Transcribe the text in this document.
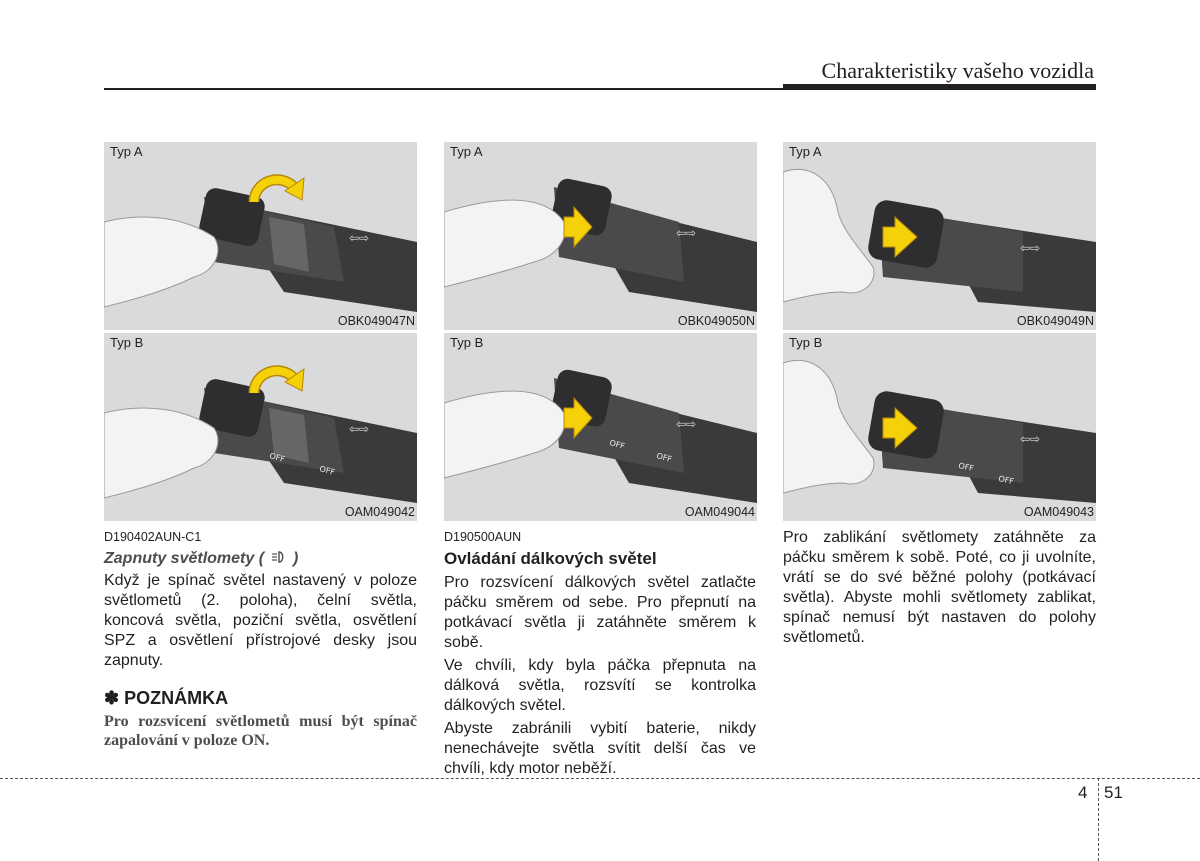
Charakteristiky vašeho vozidla
Typ A
⇦⇨
OBK049047N
Typ B
OFF
OFF
⇦⇨
OAM049042
Typ A
⇦⇨
OBK049050N
Typ B
OFF
OFF
⇦⇨
OAM049044
Typ A
⇦⇨
OBK049049N
Typ B
OFF
OFF
⇦⇨
OAM049043
D190402AUN-C1
Zapnuty světlomety ( )
Když je spínač světel nastavený v poloze světlometů (2. poloha), čelní světla, koncová světla, poziční světla, osvětlení SPZ a osvětlení přístrojové desky jsou zapnuty.
✽ POZNÁMKA
Pro rozsvícení světlometů musí být spínač zapalování v poloze ON.
D190500AUN
Ovládání dálkových světel

Pro rozsvícení dálkových světel zatlačte páčku směrem od sebe. Pro přepnutí na potkávací světla ji zatáhněte směrem k sobě.

Ve chvíli, kdy byla páčka přepnuta na dálková světla, rozsvítí se kontrolka dálkových světel.

Abyste zabránili vybití baterie, nikdy nenechávejte světla svítit delší čas ve chvíli, kdy motor neběží.

Pro zablikání světlomety zatáhněte za páčku směrem k sobě. Poté, co ji uvolníte, vrátí se do své běžné polohy (potkávací světla). Abyste mohli světlomety zablikat, spínač nemusí být nastaven do polohy světlometů.
4 51
